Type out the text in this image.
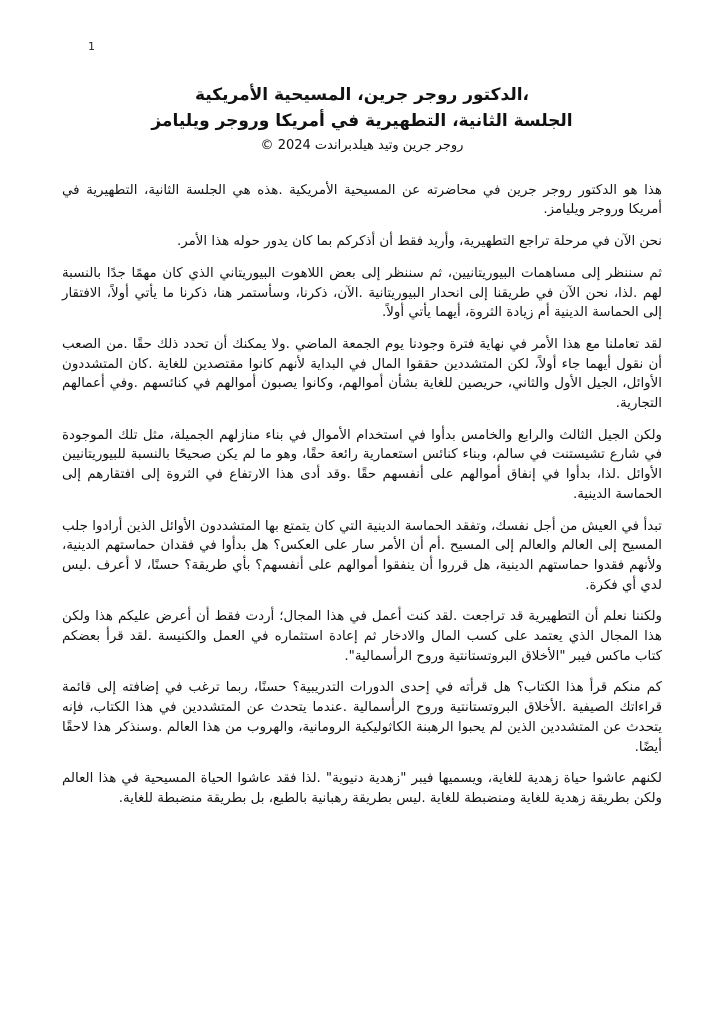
1
،الدكتور روجر جرين، المسيحية الأمريكية
الجلسة الثانية، التطهيرية في أمريكا وروجر ويليامز
روجر جرين وتيد هيلدبراندت 2024 ©

هذا هو الدكتور روجر جرين في محاضرته عن المسيحية الأمريكية .هذه هي الجلسة الثانية، التطهيرية في أمريكا وروجر ويليامز.

نحن الآن في مرحلة تراجع التطهيرية، وأريد فقط أن أذكركم بما كان يدور حوله هذا الأمر.

ثم سننظر إلى مساهمات البيوريتانيين، ثم سننظر إلى بعض اللاهوت البيوريتاني الذي كان مهمًا جدًا بالنسبة لهم .لذا، نحن الآن في طريقنا إلى انحدار البيوريتانية .الآن، ذكرنا، وسأستمر هنا، ذكرنا ما يأتي أولاً، الافتقار إلى الحماسة الدينية أم زيادة الثروة، أيهما يأتي أولاً.

لقد تعاملنا مع هذا الأمر في نهاية فترة وجودنا يوم الجمعة الماضي .ولا يمكنك أن تحدد ذلك حقًا .من الصعب أن نقول أيهما جاء أولاً، لكن المتشددين حققوا المال في البداية لأنهم كانوا مقتصدين للغاية .كان المتشددون الأوائل، الجيل الأول والثاني، حريصين للغاية بشأن أموالهم، وكانوا يصبون أموالهم في كنائسهم .وفي أعمالهم التجارية.

ولكن الجيل الثالث والرابع والخامس بدأوا في استخدام الأموال في بناء منازلهم الجميلة، مثل تلك الموجودة في شارع تشيستنت في سالم، وبناء كنائس استعمارية رائعة حقًا، وهو ما لم يكن صحيحًا بالنسبة للبيوريتانيين الأوائل .لذا، بدأوا في إنفاق أموالهم على أنفسهم حقًا .وقد أدى هذا الارتفاع في الثروة إلى افتقارهم إلى الحماسة الدينية.

تبدأ في العيش من أجل نفسك، وتفقد الحماسة الدينية التي كان يتمتع بها المتشددون الأوائل الذين أرادوا جلب المسيح إلى العالم والعالم إلى المسيح .أم أن الأمر سار على العكس؟ هل بدأوا في فقدان حماستهم الدينية، ولأنهم فقدوا حماستهم الدينية، هل قرروا أن ينفقوا أموالهم على أنفسهم؟ بأي طريقة؟ حسنًا، لا أعرف .ليس لدي أي فكرة.

ولكننا نعلم أن التطهيرية قد تراجعت .لقد كنت أعمل في هذا المجال؛ أردت فقط أن أعرض عليكم هذا ولكن هذا المجال الذي يعتمد على كسب المال والادخار ثم إعادة استثماره في العمل والكنيسة .لقد قرأ بعضكم كتاب ماكس فيبر "الأخلاق البروتستانتية وروح الرأسمالية".

كم منكم قرأ هذا الكتاب؟ هل قرأته في إحدى الدورات التدريبية؟ حسنًا، ربما ترغب في إضافته إلى قائمة قراءاتك الصيفية .الأخلاق البروتستانتية وروح الرأسمالية .عندما يتحدث عن المتشددين في هذا الكتاب، فإنه يتحدث عن المتشددين الذين لم يحبوا الرهبنة الكاثوليكية الرومانية، والهروب من هذا العالم .وسنذكر هذا لاحقًا أيضًا.

لكنهم عاشوا حياة زهدية للغاية، ويسميها فيبر "زهدية دنيوية" .لذا فقد عاشوا الحياة المسيحية في هذا العالم ولكن بطريقة زهدية للغاية ومنضبطة للغاية .ليس بطريقة رهبانية بالطبع، بل بطريقة منضبطة للغاية.
